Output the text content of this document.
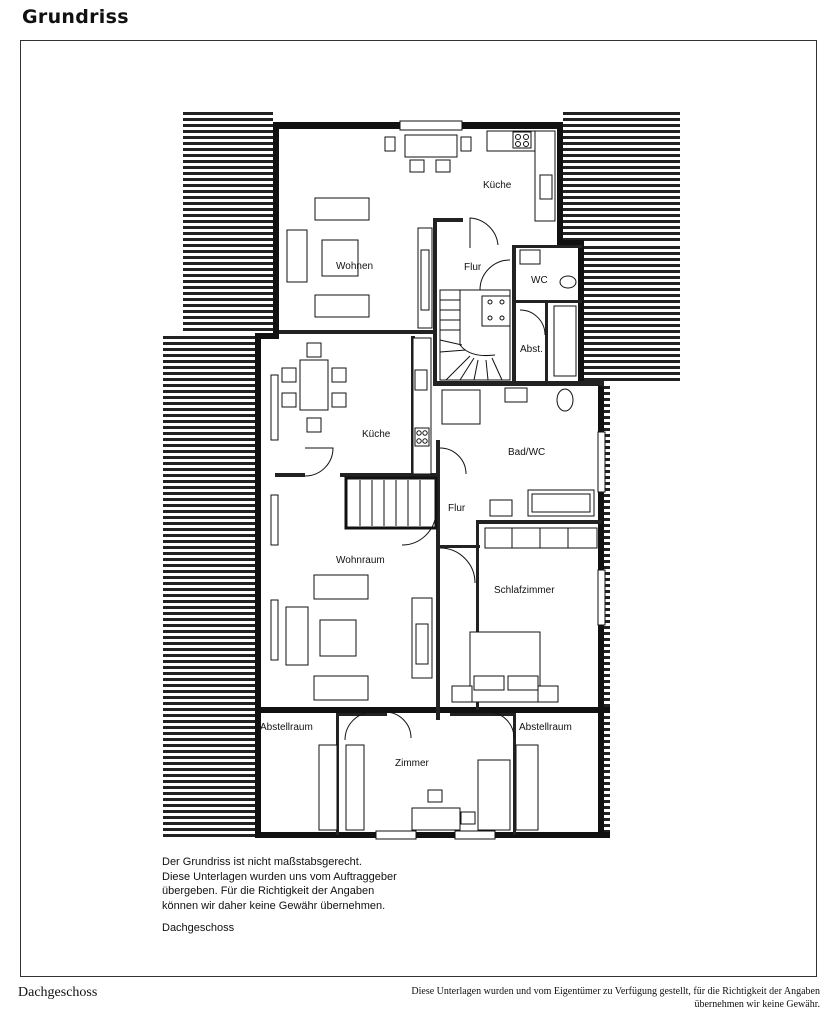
Grundriss
Küche
Wohnen	Flur
WC
Abst.
Küche
Bad/WC
Flur
Wohnraum
Schlafzimmer
Abstellraum	Abstellraum
Zimmer
Der Grundriss ist nicht maßstabsgerecht.
Diese Unterlagen wurden uns vom Auftraggeber
übergeben. Für die Richtigkeit der Angaben
können wir daher keine Gewähr übernehmen.
Dachgeschoss
Dachgeschoss	Diese Unterlagen wurden und vom Eigentümer zu Verfügung gestellt, für die Richtigkeit der Angaben
übernehmen wir keine Gewähr.
